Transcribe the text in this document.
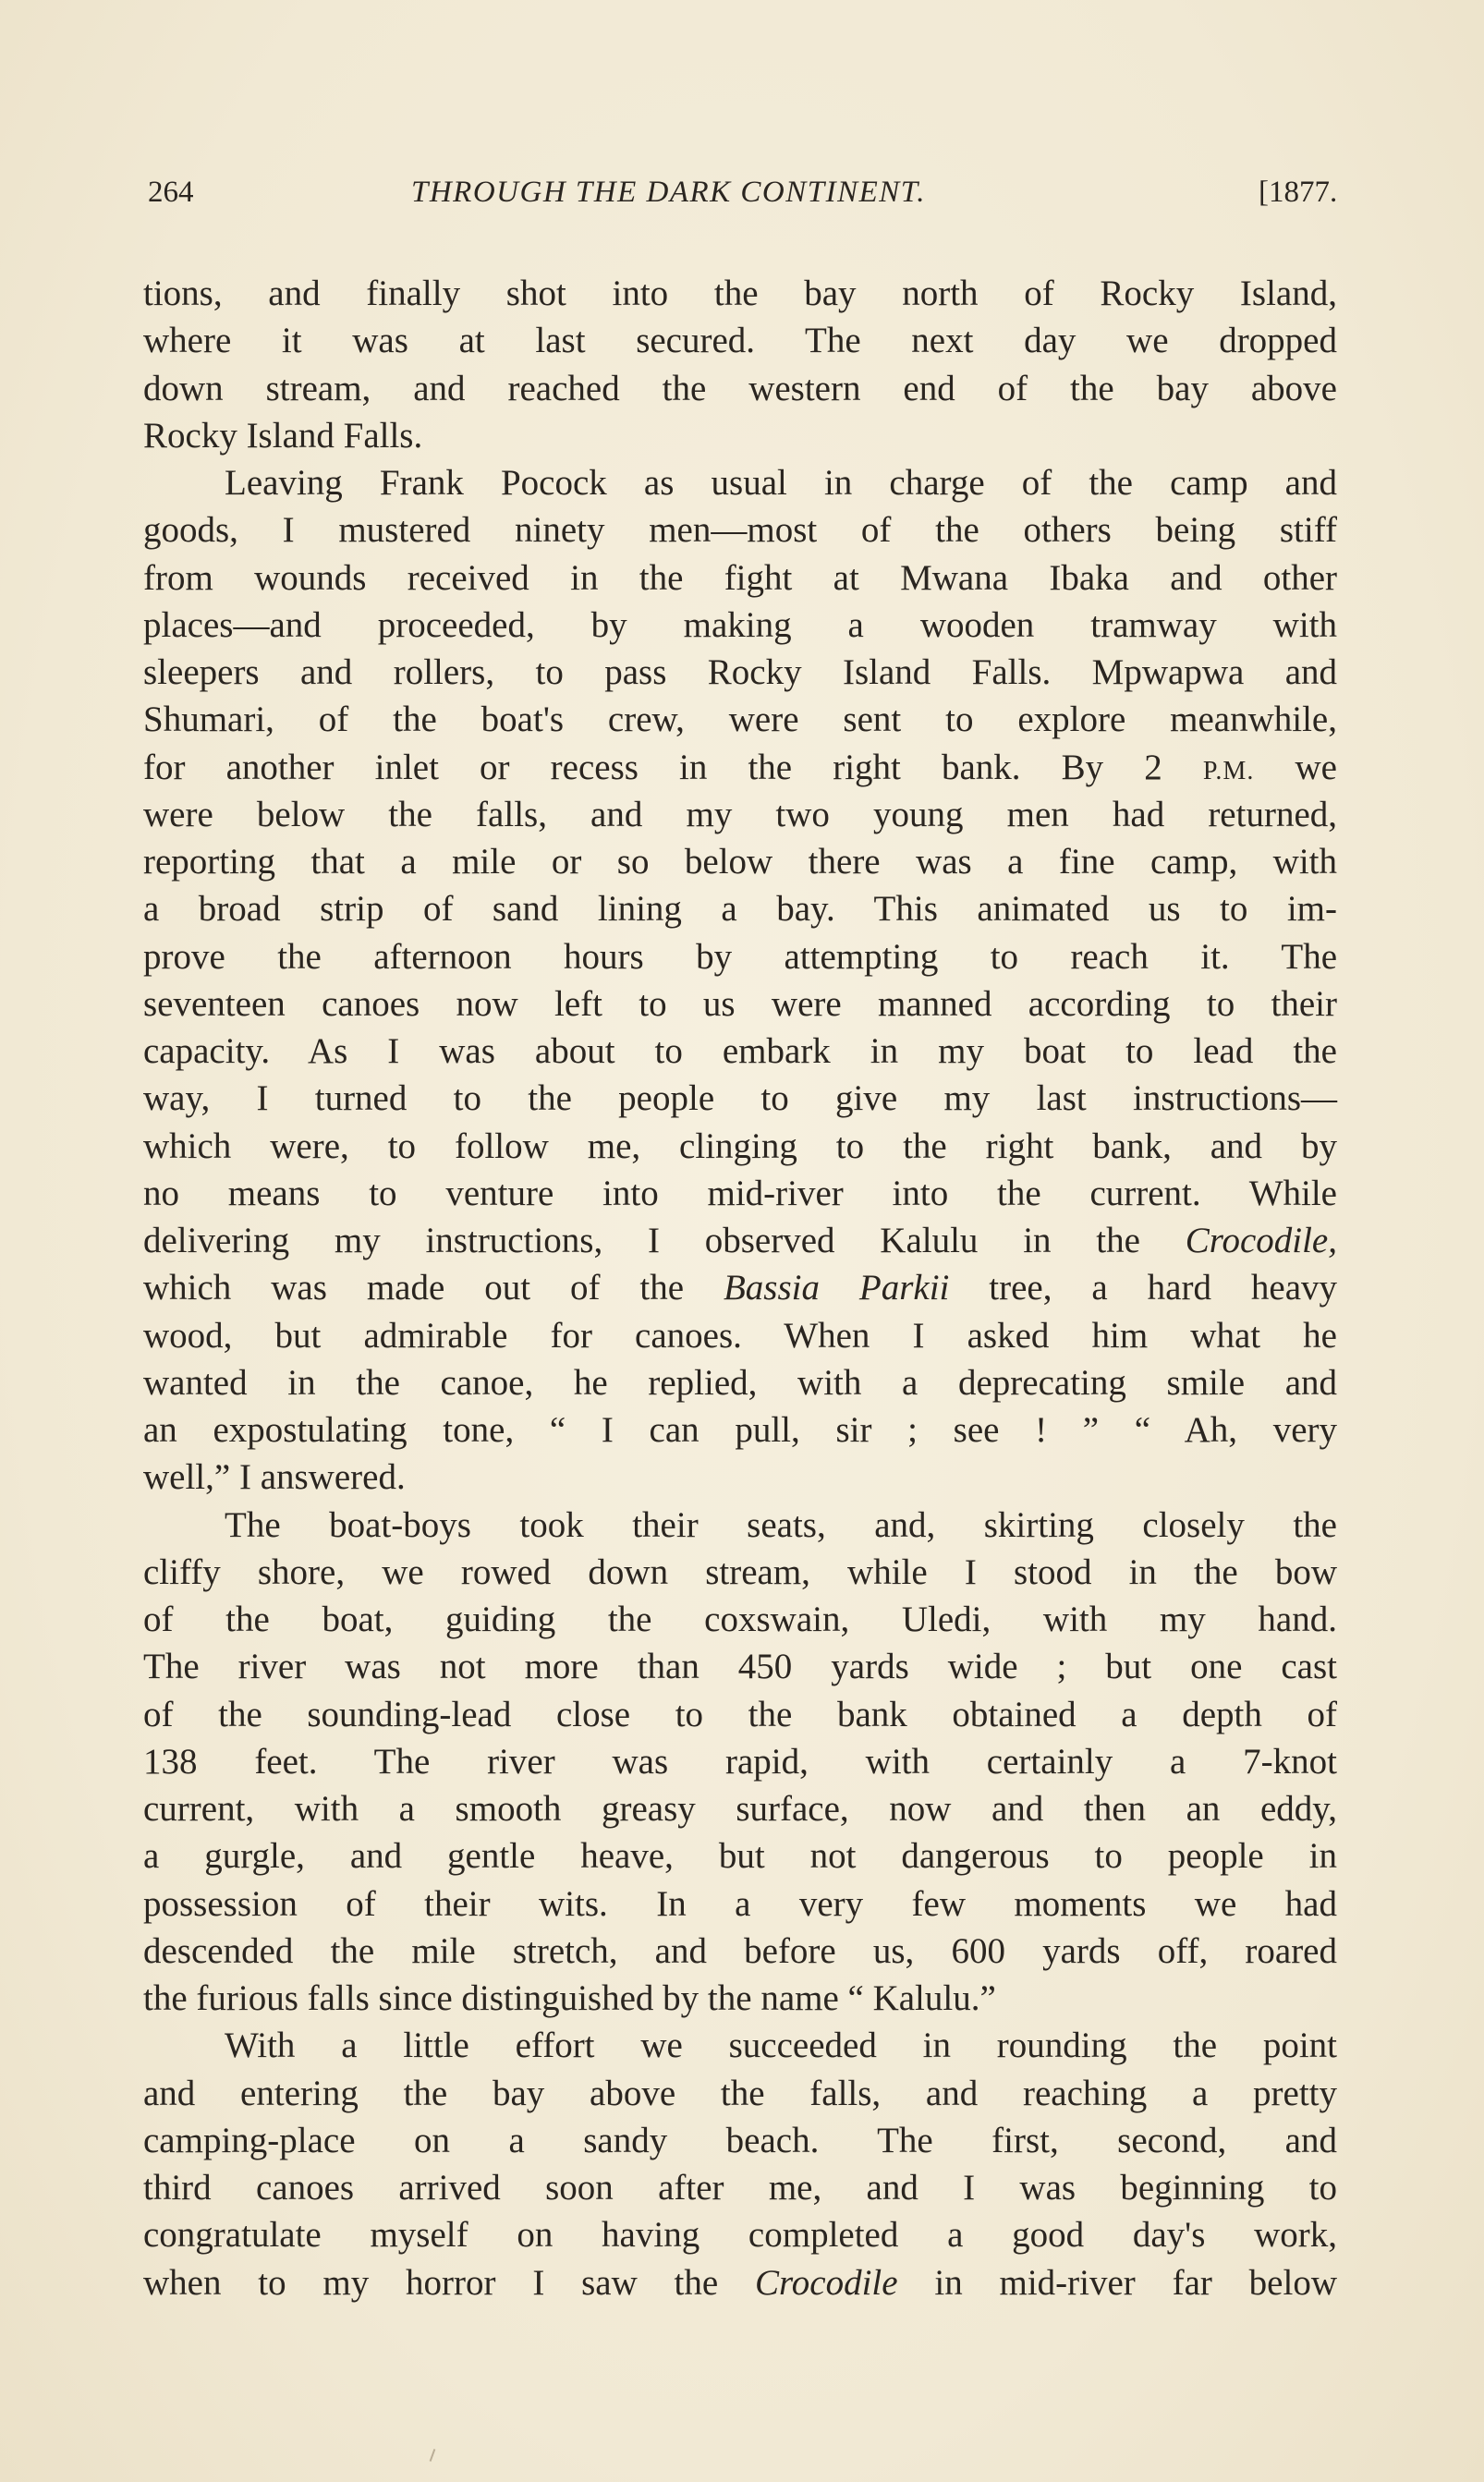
264	THROUGH THE DARK CONTINENT.	[1877.
tions, and finally shot into the bay north of Rocky Island,
where it was at last secured. The next day we dropped
down stream, and reached the western end of the bay above
Rocky Island Falls.
Leaving Frank Pocock as usual in charge of the camp and
goods, I mustered ninety men—most of the others being stiff
from wounds received in the fight at Mwana Ibaka and other
places—and proceeded, by making a wooden tramway with
sleepers and rollers, to pass Rocky Island Falls. Mpwapwa and
Shumari, of the boat's crew, were sent to explore meanwhile,
for another inlet or recess in the right bank. By 2 P.M. we
were below the falls, and my two young men had returned,
reporting that a mile or so below there was a fine camp, with
a broad strip of sand lining a bay. This animated us to im-
prove the afternoon hours by attempting to reach it. The
seventeen canoes now left to us were manned according to their
capacity. As I was about to embark in my boat to lead the
way, I turned to the people to give my last instructions—
which were, to follow me, clinging to the right bank, and by
no means to venture into mid-river into the current. While
delivering my instructions, I observed Kalulu in the Crocodile,
which was made out of the Bassia Parkii tree, a hard heavy
wood, but admirable for canoes. When I asked him what he
wanted in the canoe, he replied, with a deprecating smile and
an expostulating tone, “ I can pull, sir ; see ! ” “ Ah, very
well,” I answered.
The boat-boys took their seats, and, skirting closely the
cliffy shore, we rowed down stream, while I stood in the bow
of the boat, guiding the coxswain, Uledi, with my hand.
The river was not more than 450 yards wide ; but one cast
of the sounding-lead close to the bank obtained a depth of
138 feet. The river was rapid, with certainly a 7-knot
current, with a smooth greasy surface, now and then an eddy,
a gurgle, and gentle heave, but not dangerous to people in
possession of their wits. In a very few moments we had
descended the mile stretch, and before us, 600 yards off, roared
the furious falls since distinguished by the name “ Kalulu.”
With a little effort we succeeded in rounding the point
and entering the bay above the falls, and reaching a pretty
camping-place on a sandy beach. The first, second, and
third canoes arrived soon after me, and I was beginning to
congratulate myself on having completed a good day's work,
when to my horror I saw the Crocodile in mid-river far below
